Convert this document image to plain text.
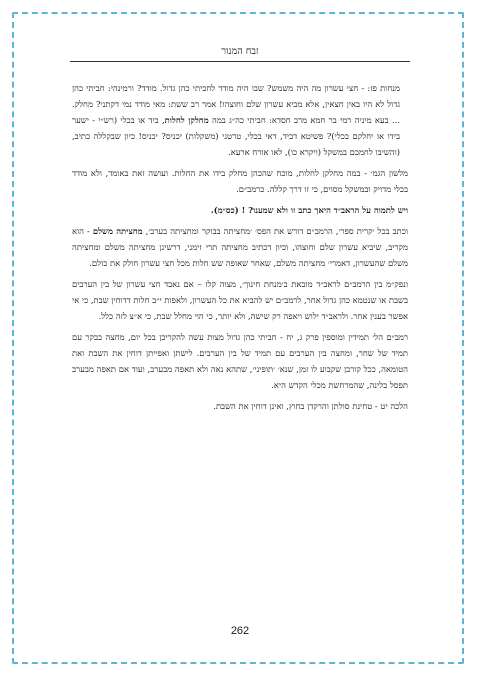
זבח המנור

מנחות פז: - חצי עשרון מה היה משמש? שבו היה מודד לחביתי כהן גדול. מודד? ורמינהי: חביתי כהן גדול לא היו באין חצאין, אלא מביא עשרון שלם וחוצהו! אמר רב ששת: מאי מודד נמי דקתני? מחלק. ... בעא מיניה רמי בר חמא מרב חסדא: חביתי כה״ג במה מחלקן לחלות, ביד או בכלי (רש״י - ישער בידו או יחלקם בכלי)? פשיטא דביד, דאי בכלי, טרטני (משקלות) יכניס? יכניס! כיון שבקללה כתיב, (והשיבו לחמכם במשקל (ויקרא כו), לאו אורח ארעא.

מלשון הגמ׳ - במה מחלקן לחלות, מוכח שהכהן מחלק בידו את החלות. ועושה זאת באומד, ולא מודד בכלי מדויק ובמשקל מסוים, כי זו דרך קללה. כרמב״ם.

ויש לתמוה על הראב״ד היאך כתב זו ולא שמענו? ! (כס״מ).

וכתב בכל ׳קרית ספר׳, הרמב״ם דורש את הפס׳ ׳מחציתה בבוקר ומחציתה בערב׳, מחציתה משלם - הוא מקריב, שיביא עשרון שלם וחוצהו, וכיון דכתיב מחציתה תרי זימני, דרשינן מחציתה משלם ומחציתה משלם שהעשרון, דאמרי׳ מחציתה משלם, שאחר שאופה שש חלות מכל חצי עשרון חולק את כולם.

ונפק״מ בין הרמב״ם לראב״ד מובאת ב׳מנחת חינוך׳, מצוה קלז – אם נאבד חצי עשרון של בין הערבים בשבת או שנטמא כהן גדול אחר, לרמב״ם יש להביא את כל העשרון, ולאפות י״ב חלות דדוחין שבת, כי אי אפשר בענין אחר. ולראב״ד ילוש ויאפה רק שישה, ולא יותר, כי הוי מחלל שבת, כי א״צ לזה כלל.

רמב״ם הל׳ תמידין ומוספין פרק ג, יח - חביתי כהן גדול מצות עשה להקריבן בכל יום, מחצה בבקר עם תמיד של שחר, ומחצה בין הערבים עם תמיד של בין הערבים. לישתן ואפייתן דוחין את השבת ואת הטומאה, ככל קורבן שקבוע לו זמן, שנא׳ ׳תופיני׳, שתהא נאה ולא תאפה מבערב, ועוד אם תאפה מבערב תפסל בלינה, שהמרחשת מכלי הקדש היא.

הלכה יט - טחינת סולתן והרקדן בחוץ, ואינן דוחין את השבת.

262
